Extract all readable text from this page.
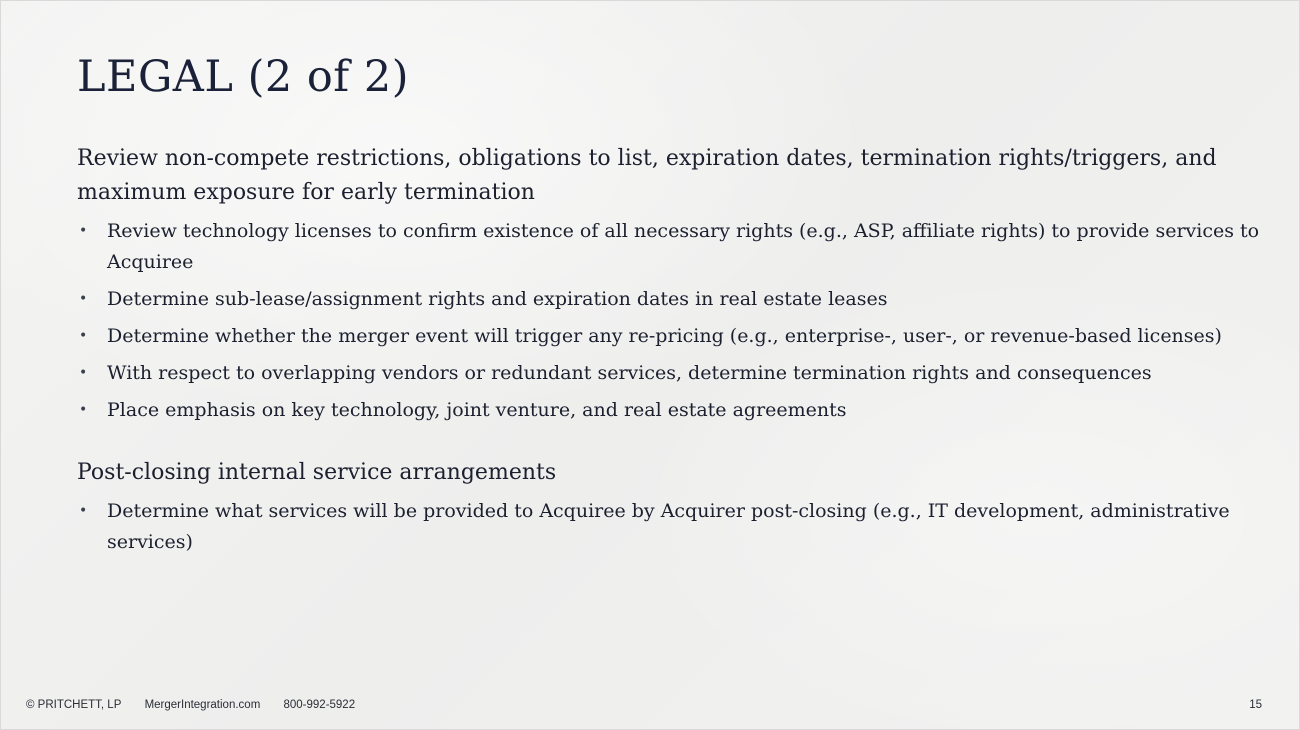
LEGAL (2 of 2)

Review non-compete restrictions, obligations to list, expiration dates, termination rights/triggers, and maximum exposure for early termination

• Review technology licenses to confirm existence of all necessary rights (e.g., ASP, affiliate rights) to provide services to Acquiree
• Determine sub-lease/assignment rights and expiration dates in real estate leases
• Determine whether the merger event will trigger any re-pricing (e.g., enterprise-, user-, or revenue-based licenses)
• With respect to overlapping vendors or redundant services, determine termination rights and consequences
• Place emphasis on key technology, joint venture, and real estate agreements

Post-closing internal service arrangements

• Determine what services will be provided to Acquiree by Acquirer post-closing (e.g., IT development, administrative services)
© PRITCHETT, LP MergerIntegration.com 800-992-5922	15
